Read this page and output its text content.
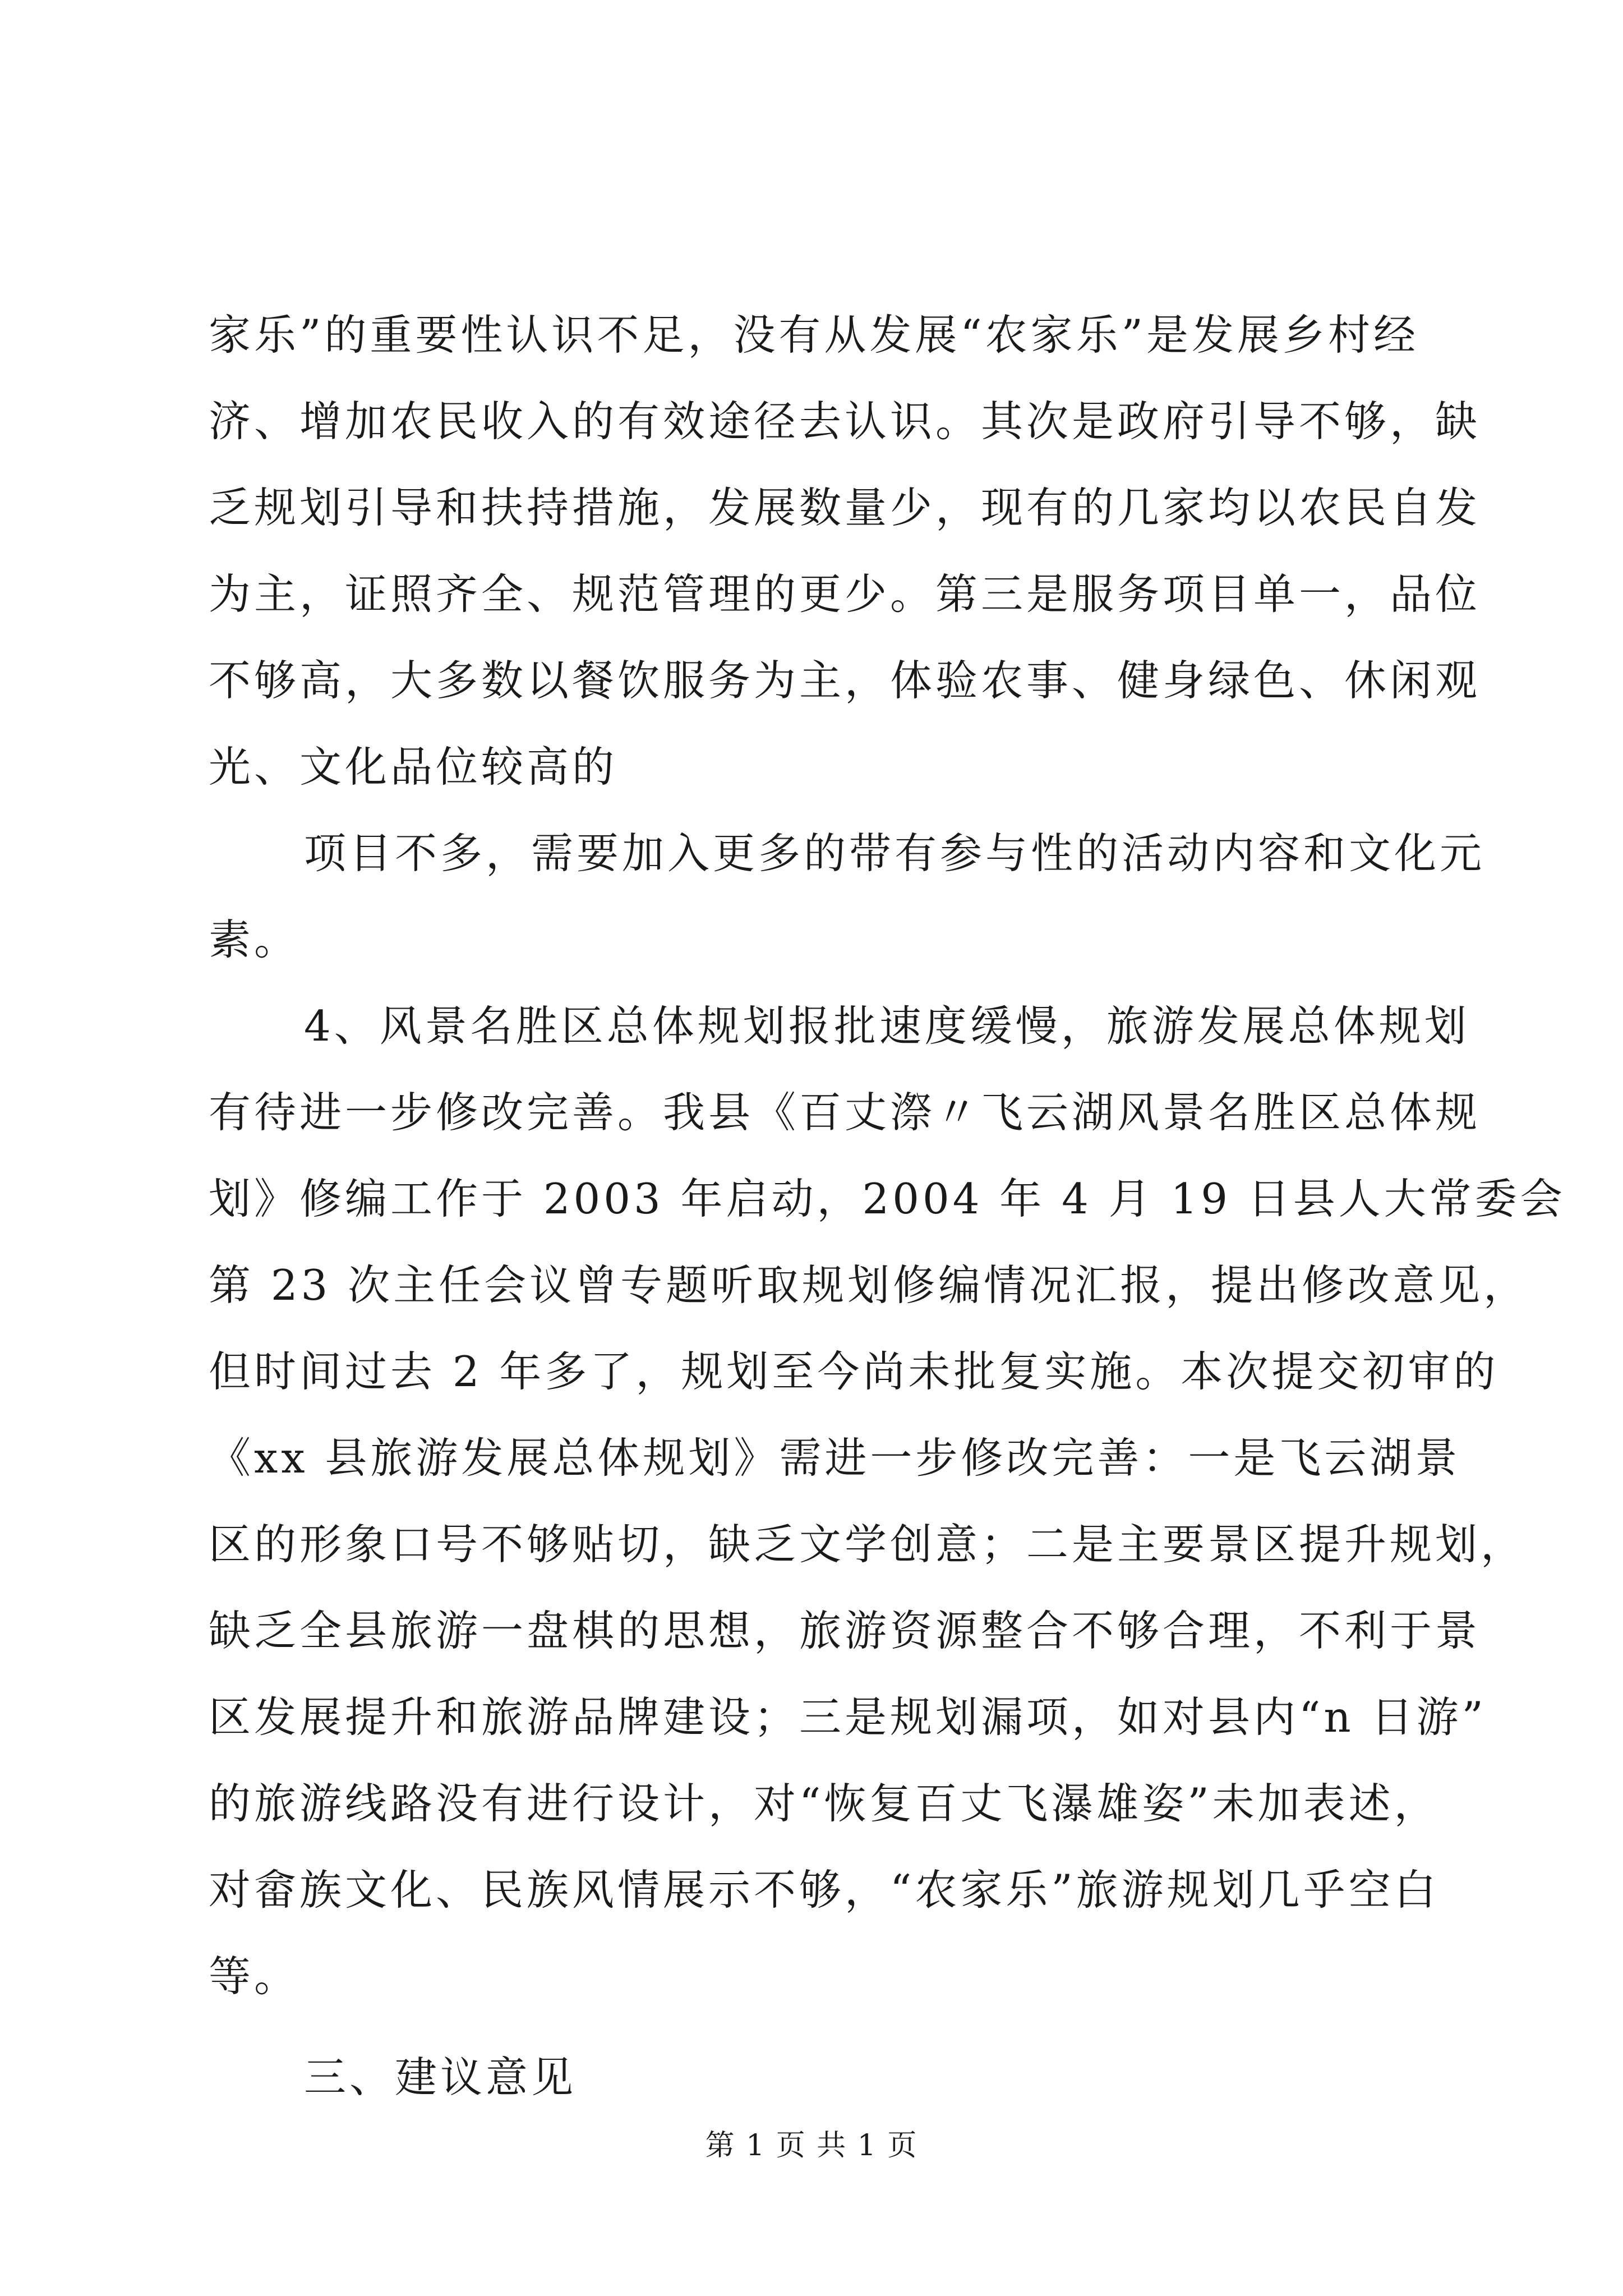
家乐”的重要性认识不足，没有从发展“农家乐”是发展乡村经
济、增加农民收入的有效途径去认识。其次是政府引导不够，缺
乏规划引导和扶持措施，发展数量少，现有的几家均以农民自发
为主，证照齐全、规范管理的更少。第三是服务项目单一，品位
不够高，大多数以餐饮服务为主，体验农事、健身绿色、休闲观
光、文化品位较高的
项目不多，需要加入更多的带有参与性的活动内容和文化元
素。
4、风景名胜区总体规划报批速度缓慢，旅游发展总体规划
有待进一步修改完善。我县《百丈漈〃飞云湖风景名胜区总体规
划》修编工作于 2003 年启动，2004 年 4 月 19 日县人大常委会
第 23 次主任会议曾专题听取规划修编情况汇报，提出修改意见，
但时间过去 2 年多了，规划至今尚未批复实施。本次提交初审的
《xx 县旅游发展总体规划》需进一步修改完善：一是飞云湖景
区的形象口号不够贴切，缺乏文学创意；二是主要景区提升规划，
缺乏全县旅游一盘棋的思想，旅游资源整合不够合理，不利于景
区发展提升和旅游品牌建设；三是规划漏项，如对县内“n 日游”
的旅游线路没有进行设计，对“恢复百丈飞瀑雄姿”未加表述，
对畲族文化、民族风情展示不够，“农家乐”旅游规划几乎空白
等。
三、建议意见
第 1 页 共 1 页
